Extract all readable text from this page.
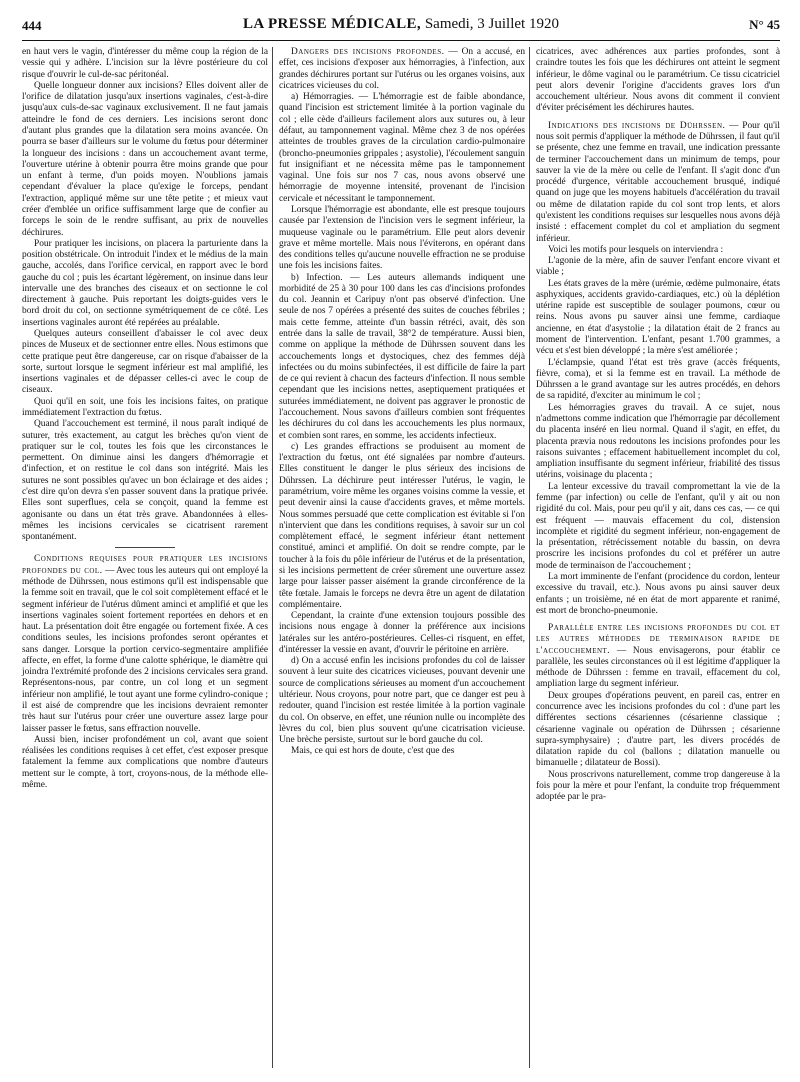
444	LA PRESSE MÉDICALE, Samedi, 3 Juillet 1920	N° 45

en haut vers le vagin, d'intéresser du même coup la région de la vessie qui y adhère. L'incision sur la lèvre postérieure du col risque d'ouvrir le cul-de-sac péritonéal.

Quelle longueur donner aux incisions? Elles doivent aller de l'orifice de dilatation jusqu'aux insertions vaginales, c'est-à-dire jusqu'aux culs-de-sac vaginaux exclusivement. Il ne faut jamais atteindre le fond de ces derniers. Les incisions seront donc d'autant plus grandes que la dilatation sera moins avancée. On pourra se baser d'ailleurs sur le volume du fœtus pour déterminer la longueur des incisions : dans un accouchement avant terme, l'ouverture utérine à obtenir pourra être moins grande que pour un enfant à terme, d'un poids moyen. N'oublions jamais cependant d'évaluer la place qu'exige le forceps, pendant l'extraction, appliqué même sur une tête petite ; et mieux vaut créer d'emblée un orifice suffisamment large que de confier au forceps le soin de le rendre suffisant, au prix de nouvelles déchirures.

Pour pratiquer les incisions, on placera la parturiente dans la position obstétricale. On introduit l'index et le médius de la main gauche, accolés, dans l'orifice cervical, en rapport avec le bord gauche du col ; puis les écartant légèrement, on insinue dans leur intervalle une des branches des ciseaux et on sectionne le col directement à gauche. Puis reportant les doigts-guides vers le bord droit du col, on sectionne symétriquement de ce côté. Les insertions vaginales auront été repérées au préalable.

Quelques auteurs conseillent d'abaisser le col avec deux pinces de Museux et de sectionner entre elles. Nous estimons que cette pratique peut être dangereuse, car on risque d'abaisser de la sorte, surtout lorsque le segment inférieur est mal amplifié, les insertions vaginales et de dépasser celles-ci avec le coup de ciseaux.

Quoi qu'il en soit, une fois les incisions faites, on pratique immédiatement l'extraction du fœtus.

Quand l'accouchement est terminé, il nous paraît indiqué de suturer, très exactement, au catgut les brèches qu'on vient de pratiquer sur le col, toutes les fois que les circonstances le permettent. On diminue ainsi les dangers d'hémorragie et d'infection, et on restitue le col dans son intégrité. Mais les sutures ne sont possibles qu'avec un bon éclairage et des aides ; c'est dire qu'on devra s'en passer souvent dans la pratique privée. Elles sont superflues, cela se conçoit, quand la femme est agonisante ou dans un état très grave. Abandonnées à elles-mêmes les incisions cervicales se cicatrisent rarement spontanément.

Conditions requises pour pratiquer les incisions profondes du col. — Avec tous les auteurs qui ont employé la méthode de Dührssen, nous estimons qu'il est indispensable que la femme soit en travail, que le col soit complètement effacé et le segment inférieur de l'utérus dûment aminci et amplifié et que les insertions vaginales soient fortement reportées en dehors et en haut. La présentation doit être engagée ou fortement fixée. A ces conditions seules, les incisions profondes seront opérantes et sans danger. Lorsque la portion cervico-segmentaire amplifiée affecte, en effet, la forme d'une calotte sphérique, le diamètre qui joindra l'extrémité profonde des 2 incisions cervicales sera grand. Représentons-nous, par contre, un col long et un segment inférieur non amplifié, le tout ayant une forme cylindro-conique ; il est aisé de comprendre que les incisions devraient remonter très haut sur l'utérus pour créer une ouverture assez large pour laisser passer le fœtus, sans effraction nouvelle.

Aussi bien, inciser profondément un col, avant que soient réalisées les conditions requises à cet effet, c'est exposer presque fatalement la femme aux complications que nombre d'auteurs mettent sur le compte, à tort, croyons-nous, de la méthode elle-même.

Dangers des incisions profondes. — On a accusé, en effet, ces incisions d'exposer aux hémorragies, à l'infection, aux grandes déchirures portant sur l'utérus ou les organes voisins, aux cicatrices vicieuses du col.

a) Hémorragies. — L'hémorragie est de faible abondance, quand l'incision est strictement limitée à la portion vaginale du col ; elle cède d'ailleurs facilement alors aux sutures ou, à leur défaut, au tamponnement vaginal. Même chez 3 de nos opérées atteintes de troubles graves de la circulation cardio-pulmonaire (broncho-pneumonies grippales ; asystolie), l'écoulement sanguin fut insignifiant et ne nécessita même pas le tamponnement vaginal. Une fois sur nos 7 cas, nous avons observé une hémorragie de moyenne intensité, provenant de l'incision cervicale et nécessitant le tamponnement.

Lorsque l'hémorragie est abondante, elle est presque toujours causée par l'extension de l'incision vers le segment inférieur, la muqueuse vaginale ou le paramétrium. Elle peut alors devenir grave et même mortelle. Mais nous l'éviterons, en opérant dans des conditions telles qu'aucune nouvelle effraction ne se produise une fois les incisions faites.

b) Infection. — Les auteurs allemands indiquent une morbidité de 25 à 30 pour 100 dans les cas d'incisions profondes du col. Jeannin et Caripuy n'ont pas observé d'infection. Une seule de nos 7 opérées a présenté des suites de couches fébriles ; mais cette femme, atteinte d'un bassin rétréci, avait, dès son entrée dans la salle de travail, 38°2 de température. Aussi bien, comme on applique la méthode de Dührssen souvent dans les accouchements longs et dystociques, chez des femmes déjà infectées ou du moins subinfectées, il est difficile de faire la part de ce qui revient à chacun des facteurs d'infection. Il nous semble cependant que les incisions nettes, aseptiquement pratiquées et suturées immédiatement, ne doivent pas aggraver le pronostic de l'accouchement. Nous savons d'ailleurs combien sont fréquentes les déchirures du col dans les accouchements les plus normaux, et combien sont rares, en somme, les accidents infectieux.

c) Les grandes effractions se produisent au moment de l'extraction du fœtus, ont été signalées par nombre d'auteurs. Elles constituent le danger le plus sérieux des incisions de Dührssen. La déchirure peut intéresser l'utérus, le vagin, le paramétrium, voire même les organes voisins comme la vessie, et peut devenir ainsi la cause d'accidents graves, et même mortels. Nous sommes persuadé que cette complication est évitable si l'on n'intervient que dans les conditions requises, à savoir sur un col complètement effacé, le segment inférieur étant nettement constitué, aminci et amplifié. On doit se rendre compte, par le toucher à la fois du pôle inférieur de l'utérus et de la présentation, si les incisions permettent de créer sûrement une ouverture assez large pour laisser passer aisément la grande circonférence de la tête fœtale. Jamais le forceps ne devra être un agent de dilatation complémentaire.

Cependant, la crainte d'une extension toujours possible des incisions nous engage à donner la préférence aux incisions latérales sur les antéro-postérieures. Celles-ci risquent, en effet, d'intéresser la vessie en avant, d'ouvrir le péritoine en arrière.

d) On a accusé enfin les incisions profondes du col de laisser souvent à leur suite des cicatrices vicieuses, pouvant devenir une source de complications sérieuses au moment d'un accouchement ultérieur. Nous croyons, pour notre part, que ce danger est peu à redouter, quand l'incision est restée limitée à la portion vaginale du col. On observe, en effet, une réunion nulle ou incomplète des lèvres du col, bien plus souvent qu'une cicatrisation vicieuse. Une brèche persiste, surtout sur le bord gauche du col.

Mais, ce qui est hors de doute, c'est que des

cicatrices, avec adhérences aux parties profondes, sont à craindre toutes les fois que les déchirures ont atteint le segment inférieur, le dôme vaginal ou le paramétrium. Ce tissu cicatriciel peut alors devenir l'origine d'accidents graves lors d'un accouchement ultérieur. Nous avons dit comment il convient d'éviter précisément les déchirures hautes.

Indications des incisions de Dührssen. — Pour qu'il nous soit permis d'appliquer la méthode de Dührssen, il faut qu'il se présente, chez une femme en travail, une indication pressante de terminer l'accouchement dans un minimum de temps, pour sauver la vie de la mère ou celle de l'enfant. Il s'agit donc d'un procédé d'urgence, véritable accouchement brusqué, indiqué quand on juge que les moyens habituels d'accélération du travail ou même de dilatation rapide du col sont trop lents, et alors qu'existent les conditions requises sur lesquelles nous avons déjà insisté : effacement complet du col et ampliation du segment inférieur.

Voici les motifs pour lesquels on interviendra :

L'agonie de la mère, afin de sauver l'enfant encore vivant et viable ;

Les états graves de la mère (urémie, œdème pulmonaire, états asphyxiques, accidents gravido-cardiaques, etc.) où la déplétion utérine rapide est susceptible de soulager poumons, cœur ou reins. Nous avons pu sauver ainsi une femme, cardiaque ancienne, en état d'asystolie ; la dilatation était de 2 francs au moment de l'intervention. L'enfant, pesant 1.700 grammes, a vécu et s'est bien développé ; la mère s'est améliorée ;

L'éclampsie, quand l'état est très grave (accès fréquents, fièvre, coma), et si la femme est en travail. La méthode de Dührssen a le grand avantage sur les autres procédés, en dehors de sa rapidité, d'exciter au minimum le col ;

Les hémorragies graves du travail. A ce sujet, nous n'admettons comme indication que l'hémorragie par décollement du placenta inséré en lieu normal. Quand il s'agit, en effet, du placenta prævia nous redoutons les incisions profondes pour les raisons suivantes ; effacement habituellement incomplet du col, ampliation insuffisante du segment inférieur, friabilité des tissus utérins, voisinage du placenta ;

La lenteur excessive du travail compromettant la vie de la femme (par infection) ou celle de l'enfant, qu'il y ait ou non rigidité du col. Mais, pour peu qu'il y ait, dans ces cas, — ce qui est fréquent — mauvais effacement du col, distension incomplète et rigidité du segment inférieur, non-engagement de la présentation, rétrécissement notable du bassin, on devra proscrire les incisions profondes du col et préférer un autre mode de terminaison de l'accouchement ;

La mort imminente de l'enfant (procidence du cordon, lenteur excessive du travail, etc.). Nous avons pu ainsi sauver deux enfants ; un troisième, né en état de mort apparente et ranimé, est mort de broncho-pneumonie.

Parallèle entre les incisions profondes du col et les autres méthodes de terminaison rapide de l'accouchement. — Nous envisagerons, pour établir ce parallèle, les seules circonstances où il est légitime d'appliquer la méthode de Dührssen : femme en travail, effacement du col, ampliation large du segment inférieur.

Deux groupes d'opérations peuvent, en pareil cas, entrer en concurrence avec les incisions profondes du col : d'une part les différentes sections césariennes (césarienne classique ; césarienne vaginale ou opération de Dührssen ; césarienne supra-symphysaire) ; d'autre part, les divers procédés de dilatation rapide du col (ballons ; dilatation manuelle ou bimanuelle ; dilatateur de Bossi).

Nous proscrivons naturellement, comme trop dangereuse à la fois pour la mère et pour l'enfant, la conduite trop fréquemment adoptée par le pra-
